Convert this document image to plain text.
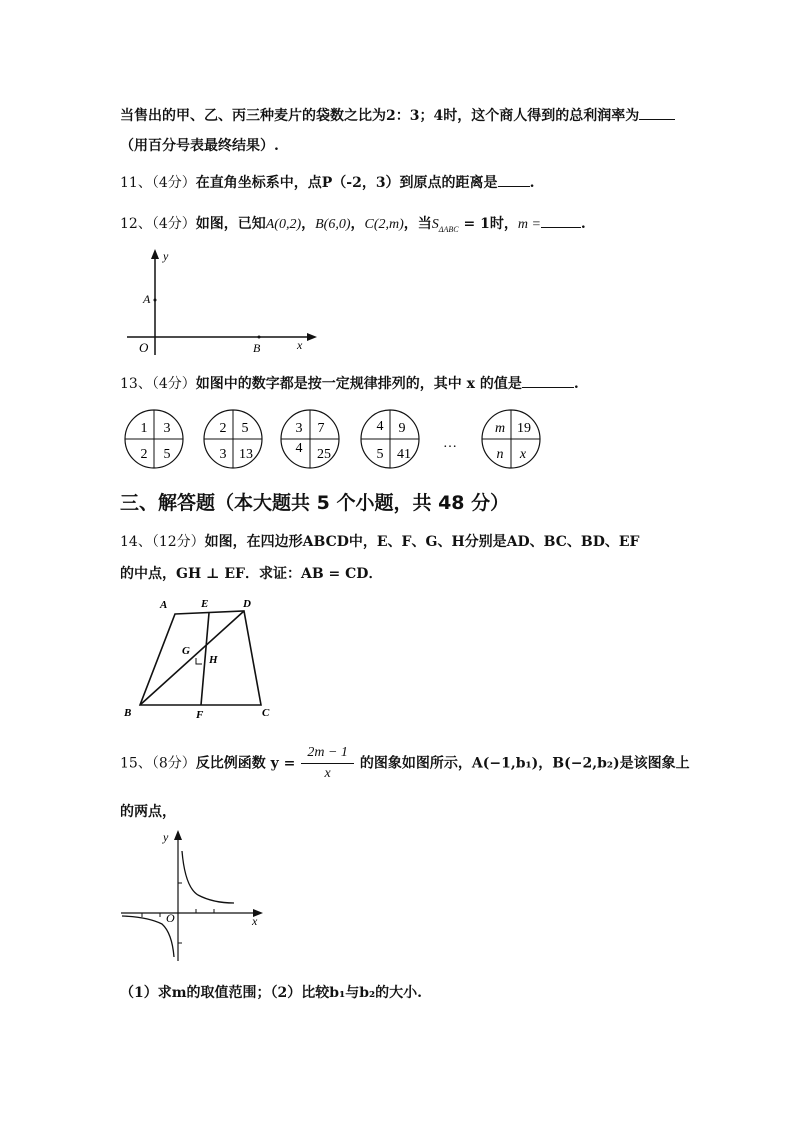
当售出的甲、乙、丙三种麦片的袋数之比为2：3；4时，这个商人得到的总利润率为
（用百分号表最终结果）.
11、（4分）在直角坐标系中，点P（-2，3）到原点的距离是 .
12、（4分）如图，已知A(0,2)，B(6,0)，C(2,m)，当$S_{\Delta ABC} = 1$时，m =	.
y
A
O	B	x
13、（4分）如图中的数字都是按一定规律排列的，其中 x 的值是	.
1 3
2 5
2 5
3 13
3 7
4 25
4 9
5 41
…
m 19
n x
三、解答题（本大题共 5 个小题，共 48 分）
14、（12分）如图，在四边形ABCD中，E、F、G、H分别是AD、BC、BD、EF
的中点，GH ⊥ EF．求证：AB = CD．
A	E	D
G
H
B	F	C
15、（8分）反比例函数 $y = \frac{2m - 1}{x}$ 的图象如图所示，A(−1,b₁)，B(−2,b₂)是该图象上
的两点，
y
O	x
（1）求m的取值范围；（2）比较b₁与b₂的大小.
